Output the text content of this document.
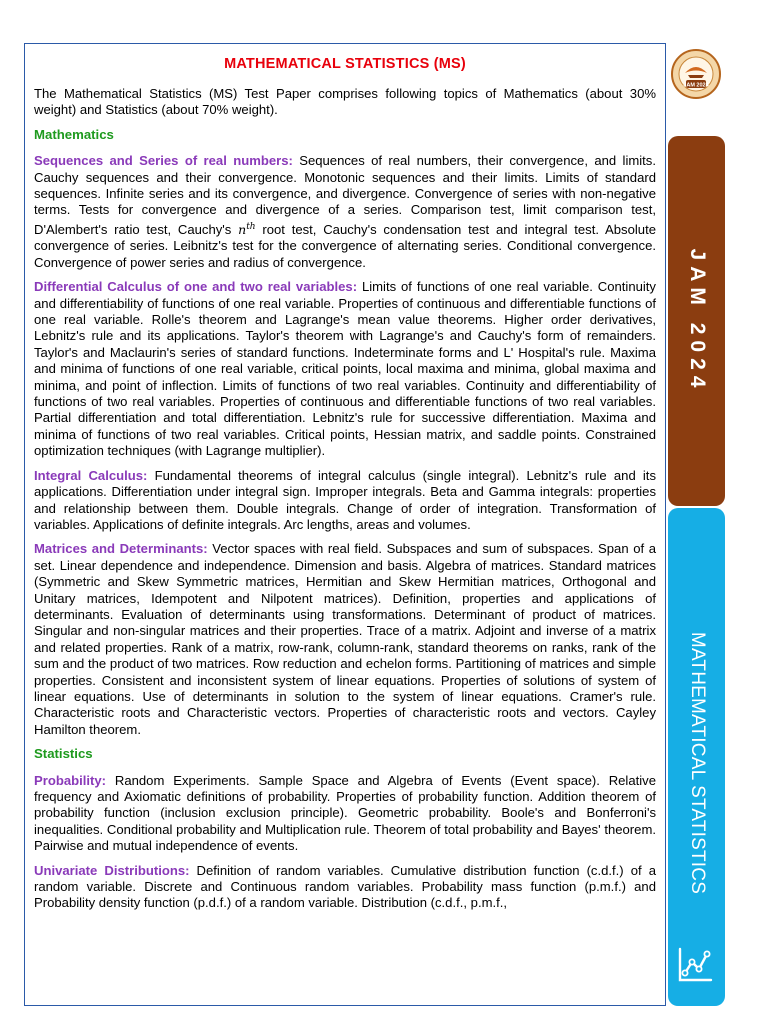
MATHEMATICAL STATISTICS (MS)

The Mathematical Statistics (MS) Test Paper comprises following topics of Mathematics (about 30% weight) and Statistics (about 70% weight).

Mathematics

Sequences and Series of real numbers: Sequences of real numbers, their convergence, and limits. Cauchy sequences and their convergence. Monotonic sequences and their limits. Limits of standard sequences. Infinite series and its convergence, and divergence. Convergence of series with non-negative terms. Tests for convergence and divergence of a series. Comparison test, limit comparison test, D'Alembert's ratio test, Cauchy's $n^{th}$ root test, Cauchy's condensation test and integral test. Absolute convergence of series. Leibnitz's test for the convergence of alternating series. Conditional convergence. Convergence of power series and radius of convergence.

Differential Calculus of one and two real variables: Limits of functions of one real variable. Continuity and differentiability of functions of one real variable. Properties of continuous and differentiable functions of one real variable. Rolle's theorem and Lagrange's mean value theorems. Higher order derivatives, Lebnitz's rule and its applications. Taylor's theorem with Lagrange's and Cauchy's form of remainders. Taylor's and Maclaurin's series of standard functions. Indeterminate forms and L' Hospital's rule. Maxima and minima of functions of one real variable, critical points, local maxima and minima, global maxima and minima, and point of inflection. Limits of functions of two real variables. Continuity and differentiability of functions of two real variables. Properties of continuous and differentiable functions of two real variables. Partial differentiation and total differentiation. Lebnitz's rule for successive differentiation. Maxima and minima of functions of two real variables. Critical points, Hessian matrix, and saddle points. Constrained optimization techniques (with Lagrange multiplier).

Integral Calculus: Fundamental theorems of integral calculus (single integral). Lebnitz's rule and its applications. Differentiation under integral sign. Improper integrals. Beta and Gamma integrals: properties and relationship between them. Double integrals. Change of order of integration. Transformation of variables. Applications of definite integrals. Arc lengths, areas and volumes.

Matrices and Determinants: Vector spaces with real field. Subspaces and sum of subspaces. Span of a set. Linear dependence and independence. Dimension and basis. Algebra of matrices. Standard matrices (Symmetric and Skew Symmetric matrices, Hermitian and Skew Hermitian matrices, Orthogonal and Unitary matrices, Idempotent and Nilpotent matrices). Definition, properties and applications of determinants. Evaluation of determinants using transformations. Determinant of product of matrices. Singular and non-singular matrices and their properties. Trace of a matrix. Adjoint and inverse of a matrix and related properties. Rank of a matrix, row-rank, column-rank, standard theorems on ranks, rank of the sum and the product of two matrices. Row reduction and echelon forms. Partitioning of matrices and simple properties. Consistent and inconsistent system of linear equations. Properties of solutions of system of linear equations. Use of determinants in solution to the system of linear equations. Cramer's rule. Characteristic roots and Characteristic vectors. Properties of characteristic roots and vectors. Cayley Hamilton theorem.

Statistics

Probability: Random Experiments. Sample Space and Algebra of Events (Event space). Relative frequency and Axiomatic definitions of probability. Properties of probability function. Addition theorem of probability function (inclusion exclusion principle). Geometric probability. Boole's and Bonferroni's inequalities. Conditional probability and Multiplication rule. Theorem of total probability and Bayes' theorem. Pairwise and mutual independence of events.

Univariate Distributions: Definition of random variables. Cumulative distribution function (c.d.f.) of a random variable. Discrete and Continuous random variables. Probability mass function (p.m.f.) and Probability density function (p.d.f.) of a random variable. Distribution (c.d.f., p.m.f.,

JAM 2024
JAM 2024
MATHEMATICAL STATISTICS
